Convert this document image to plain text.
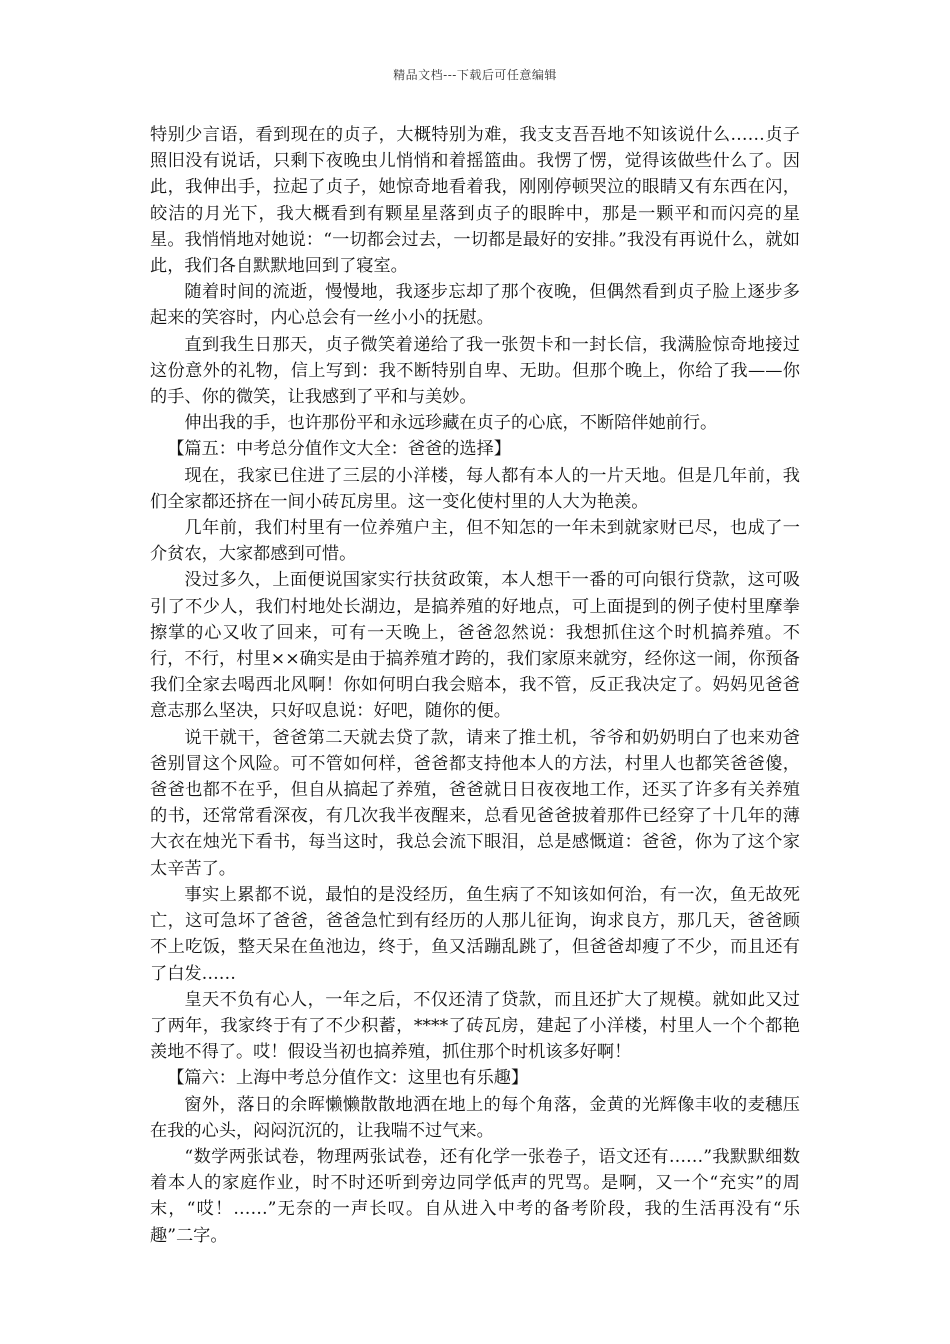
精品文档---下载后可任意编辑

特别少言语，看到现在的贞子，大概特别为难，我支支吾吾地不知该说什么……贞子照旧没有说话，只剩下夜晚虫儿悄悄和着摇篮曲。我愣了愣，觉得该做些什么了。因此，我伸出手，拉起了贞子，她惊奇地看着我，刚刚停顿哭泣的眼睛又有东西在闪，皎洁的月光下，我大概看到有颗星星落到贞子的眼眸中，那是一颗平和而闪亮的星星。我悄悄地对她说：“一切都会过去，一切都是最好的安排。”我没有再说什么，就如此，我们各自默默地回到了寝室。

随着时间的流逝，慢慢地，我逐步忘却了那个夜晚，但偶然看到贞子脸上逐步多起来的笑容时，内心总会有一丝小小的抚慰。

直到我生日那天，贞子微笑着递给了我一张贺卡和一封长信，我满脸惊奇地接过这份意外的礼物，信上写到：我不断特别自卑、无助。但那个晚上，你给了我——你的手、你的微笑，让我感到了平和与美妙。

伸出我的手，也许那份平和永远珍藏在贞子的心底，不断陪伴她前行。

【篇五：中考总分值作文大全：爸爸的选择】

现在，我家已住进了三层的小洋楼，每人都有本人的一片天地。但是几年前，我们全家都还挤在一间小砖瓦房里。这一变化使村里的人大为艳羡。

几年前，我们村里有一位养殖户主，但不知怎的一年未到就家财已尽，也成了一介贫农，大家都感到可惜。

没过多久，上面便说国家实行扶贫政策，本人想干一番的可向银行贷款，这可吸引了不少人，我们村地处长湖边，是搞养殖的好地点，可上面提到的例子使村里摩拳擦掌的心又收了回来，可有一天晚上，爸爸忽然说：我想抓住这个时机搞养殖。不行，不行，村里××确实是由于搞养殖才跨的，我们家原来就穷，经你这一闹，你预备我们全家去喝西北风啊！你如何明白我会赔本，我不管，反正我决定了。妈妈见爸爸意志那么坚决，只好叹息说：好吧，随你的便。

说干就干，爸爸第二天就去贷了款，请来了推土机，爷爷和奶奶明白了也来劝爸爸别冒这个风险。可不管如何样，爸爸都支持他本人的方法，村里人也都笑爸爸傻，爸爸也都不在乎，但自从搞起了养殖，爸爸就日日夜夜地工作，还买了许多有关养殖的书，还常常看深夜，有几次我半夜醒来，总看见爸爸披着那件已经穿了十几年的薄大衣在烛光下看书，每当这时，我总会流下眼泪，总是感慨道：爸爸，你为了这个家太辛苦了。

事实上累都不说，最怕的是没经历，鱼生病了不知该如何治，有一次，鱼无故死亡，这可急坏了爸爸，爸爸急忙到有经历的人那儿征询，询求良方，那几天，爸爸顾不上吃饭，整天呆在鱼池边，终于，鱼又活蹦乱跳了，但爸爸却瘦了不少，而且还有了白发……

皇天不负有心人，一年之后，不仅还清了贷款，而且还扩大了规模。就如此又过了两年，我家终于有了不少积蓄，****了砖瓦房，建起了小洋楼，村里人一个个都艳羡地不得了。哎！假设当初也搞养殖，抓住那个时机该多好啊！

【篇六：上海中考总分值作文：这里也有乐趣】

窗外，落日的余晖懒懒散散地洒在地上的每个角落，金黄的光辉像丰收的麦穗压在我的心头，闷闷沉沉的，让我喘不过气来。

“数学两张试卷，物理两张试卷，还有化学一张卷子，语文还有……”我默默细数着本人的家庭作业，时不时还听到旁边同学低声的咒骂。是啊，又一个“充实”的周末，“哎！……”无奈的一声长叹。自从进入中考的备考阶段，我的生活再没有“乐趣”二字。
